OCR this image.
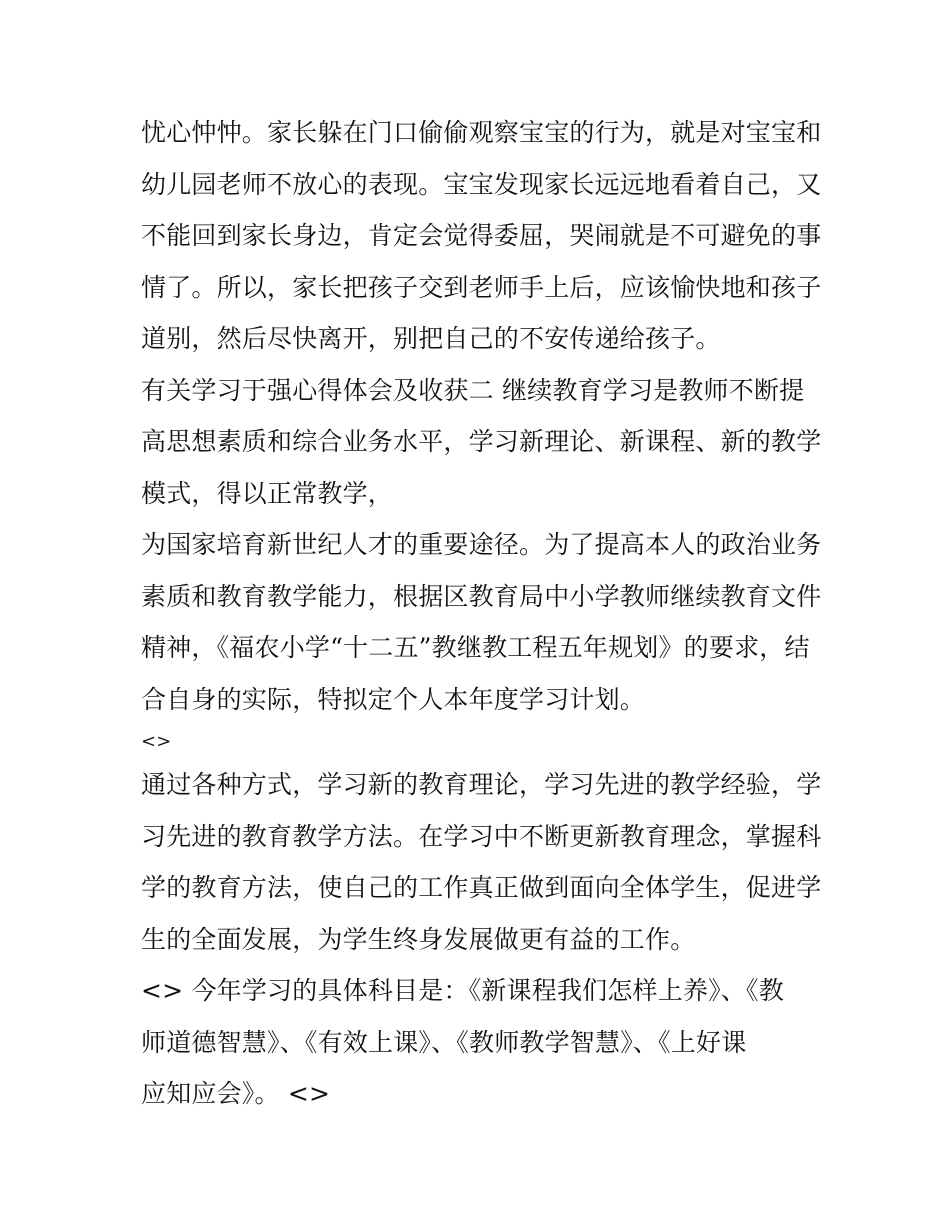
忧心忡忡。家长躲在门口偷偷观察宝宝的行为，就是对宝宝和
幼儿园老师不放心的表现。宝宝发现家长远远地看着自己，又
不能回到家长身边，肯定会觉得委屈，哭闹就是不可避免的事
情了。所以，家长把孩子交到老师手上后，应该愉快地和孩子
道别，然后尽快离开，别把自己的不安传递给孩子。
有关学习于强心得体会及收获二 继续教育学习是教师不断提
高思想素质和综合业务水平，学习新理论、新课程、新的教学
模式，得以正常教学，
为国家培育新世纪人才的重要途径。为了提高本人的政治业务
素质和教育教学能力，根据区教育局中小学教师继续教育文件
精神，《福农小学“十二五”教继教工程五年规划》的要求，结
合自身的实际，特拟定个人本年度学习计划。
<>
通过各种方式，学习新的教育理论，学习先进的教学经验，学
习先进的教育教学方法。在学习中不断更新教育理念，掌握科
学的教育方法，使自己的工作真正做到面向全体学生，促进学
生的全面发展，为学生终身发展做更有益的工作。
<> 今年学习的具体科目是：《新课程我们怎样上养》、《教
师道德智慧》、《有效上课》、《教师教学智慧》、《上好课
应知应会》。 <>
